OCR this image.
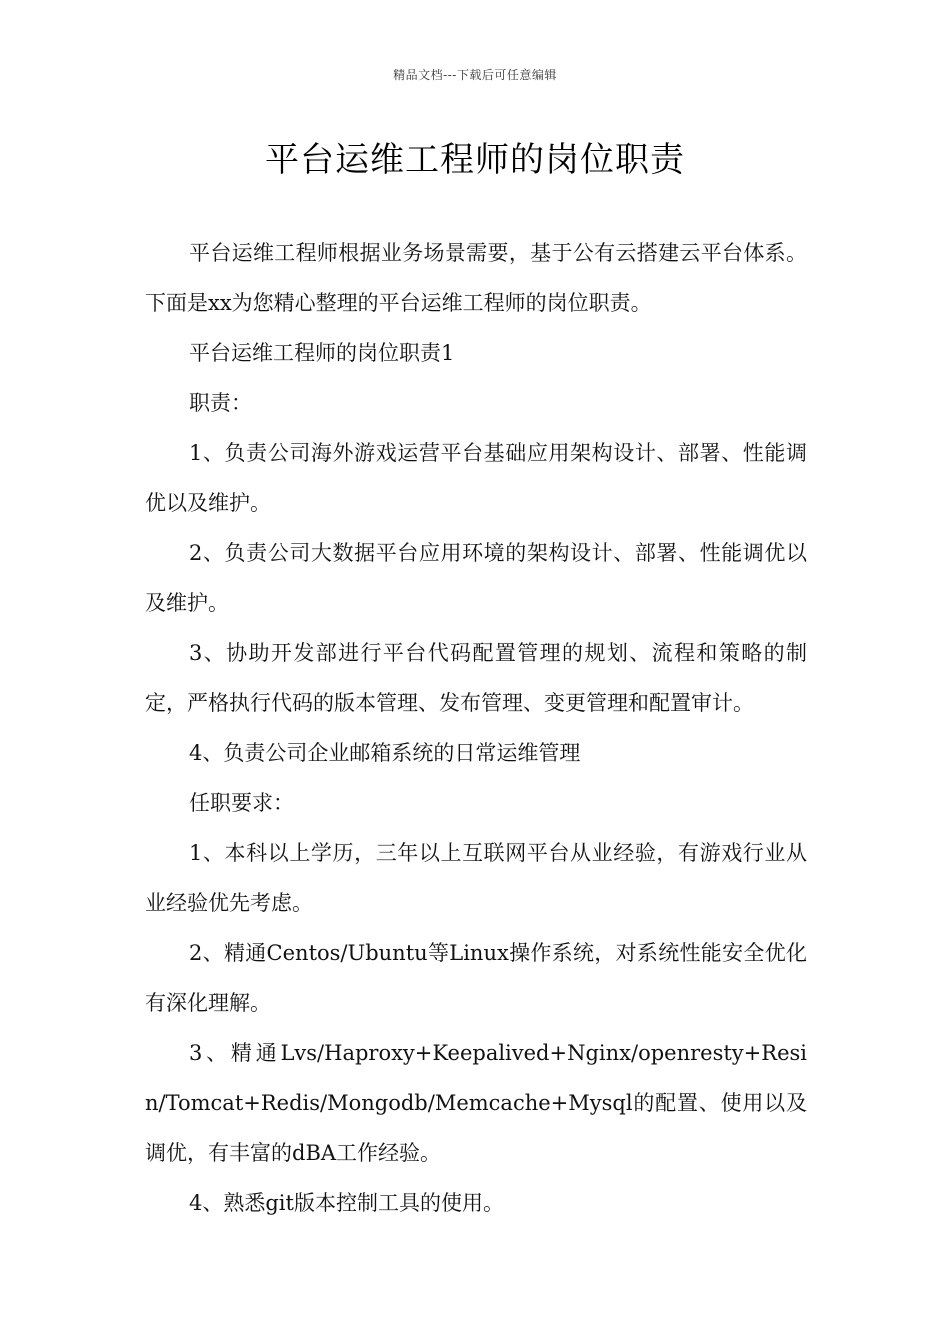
精品文档---下载后可任意编辑
平台运维工程师的岗位职责

平台运维工程师根据业务场景需要，基于公有云搭建云平台体系。下面是xx为您精心整理的平台运维工程师的岗位职责。

平台运维工程师的岗位职责1

职责：

1、负责公司海外游戏运营平台基础应用架构设计、部署、性能调优以及维护。

2、负责公司大数据平台应用环境的架构设计、部署、性能调优以及维护。

3、协助开发部进行平台代码配置管理的规划、流程和策略的制定，严格执行代码的版本管理、发布管理、变更管理和配置审计。

4、负责公司企业邮箱系统的日常运维管理

任职要求：

1、本科以上学历，三年以上互联网平台从业经验，有游戏行业从业经验优先考虑。

2、精通Centos/Ubuntu等Linux操作系统，对系统性能安全优化有深化理解。

3、精通Lvs/Haproxy+Keepalived+Nginx/openresty+Resin/Tomcat+Redis/Mongodb/Memcache+Mysql的配置、使用以及调优，有丰富的dBA工作经验。

4、熟悉git版本控制工具的使用。
